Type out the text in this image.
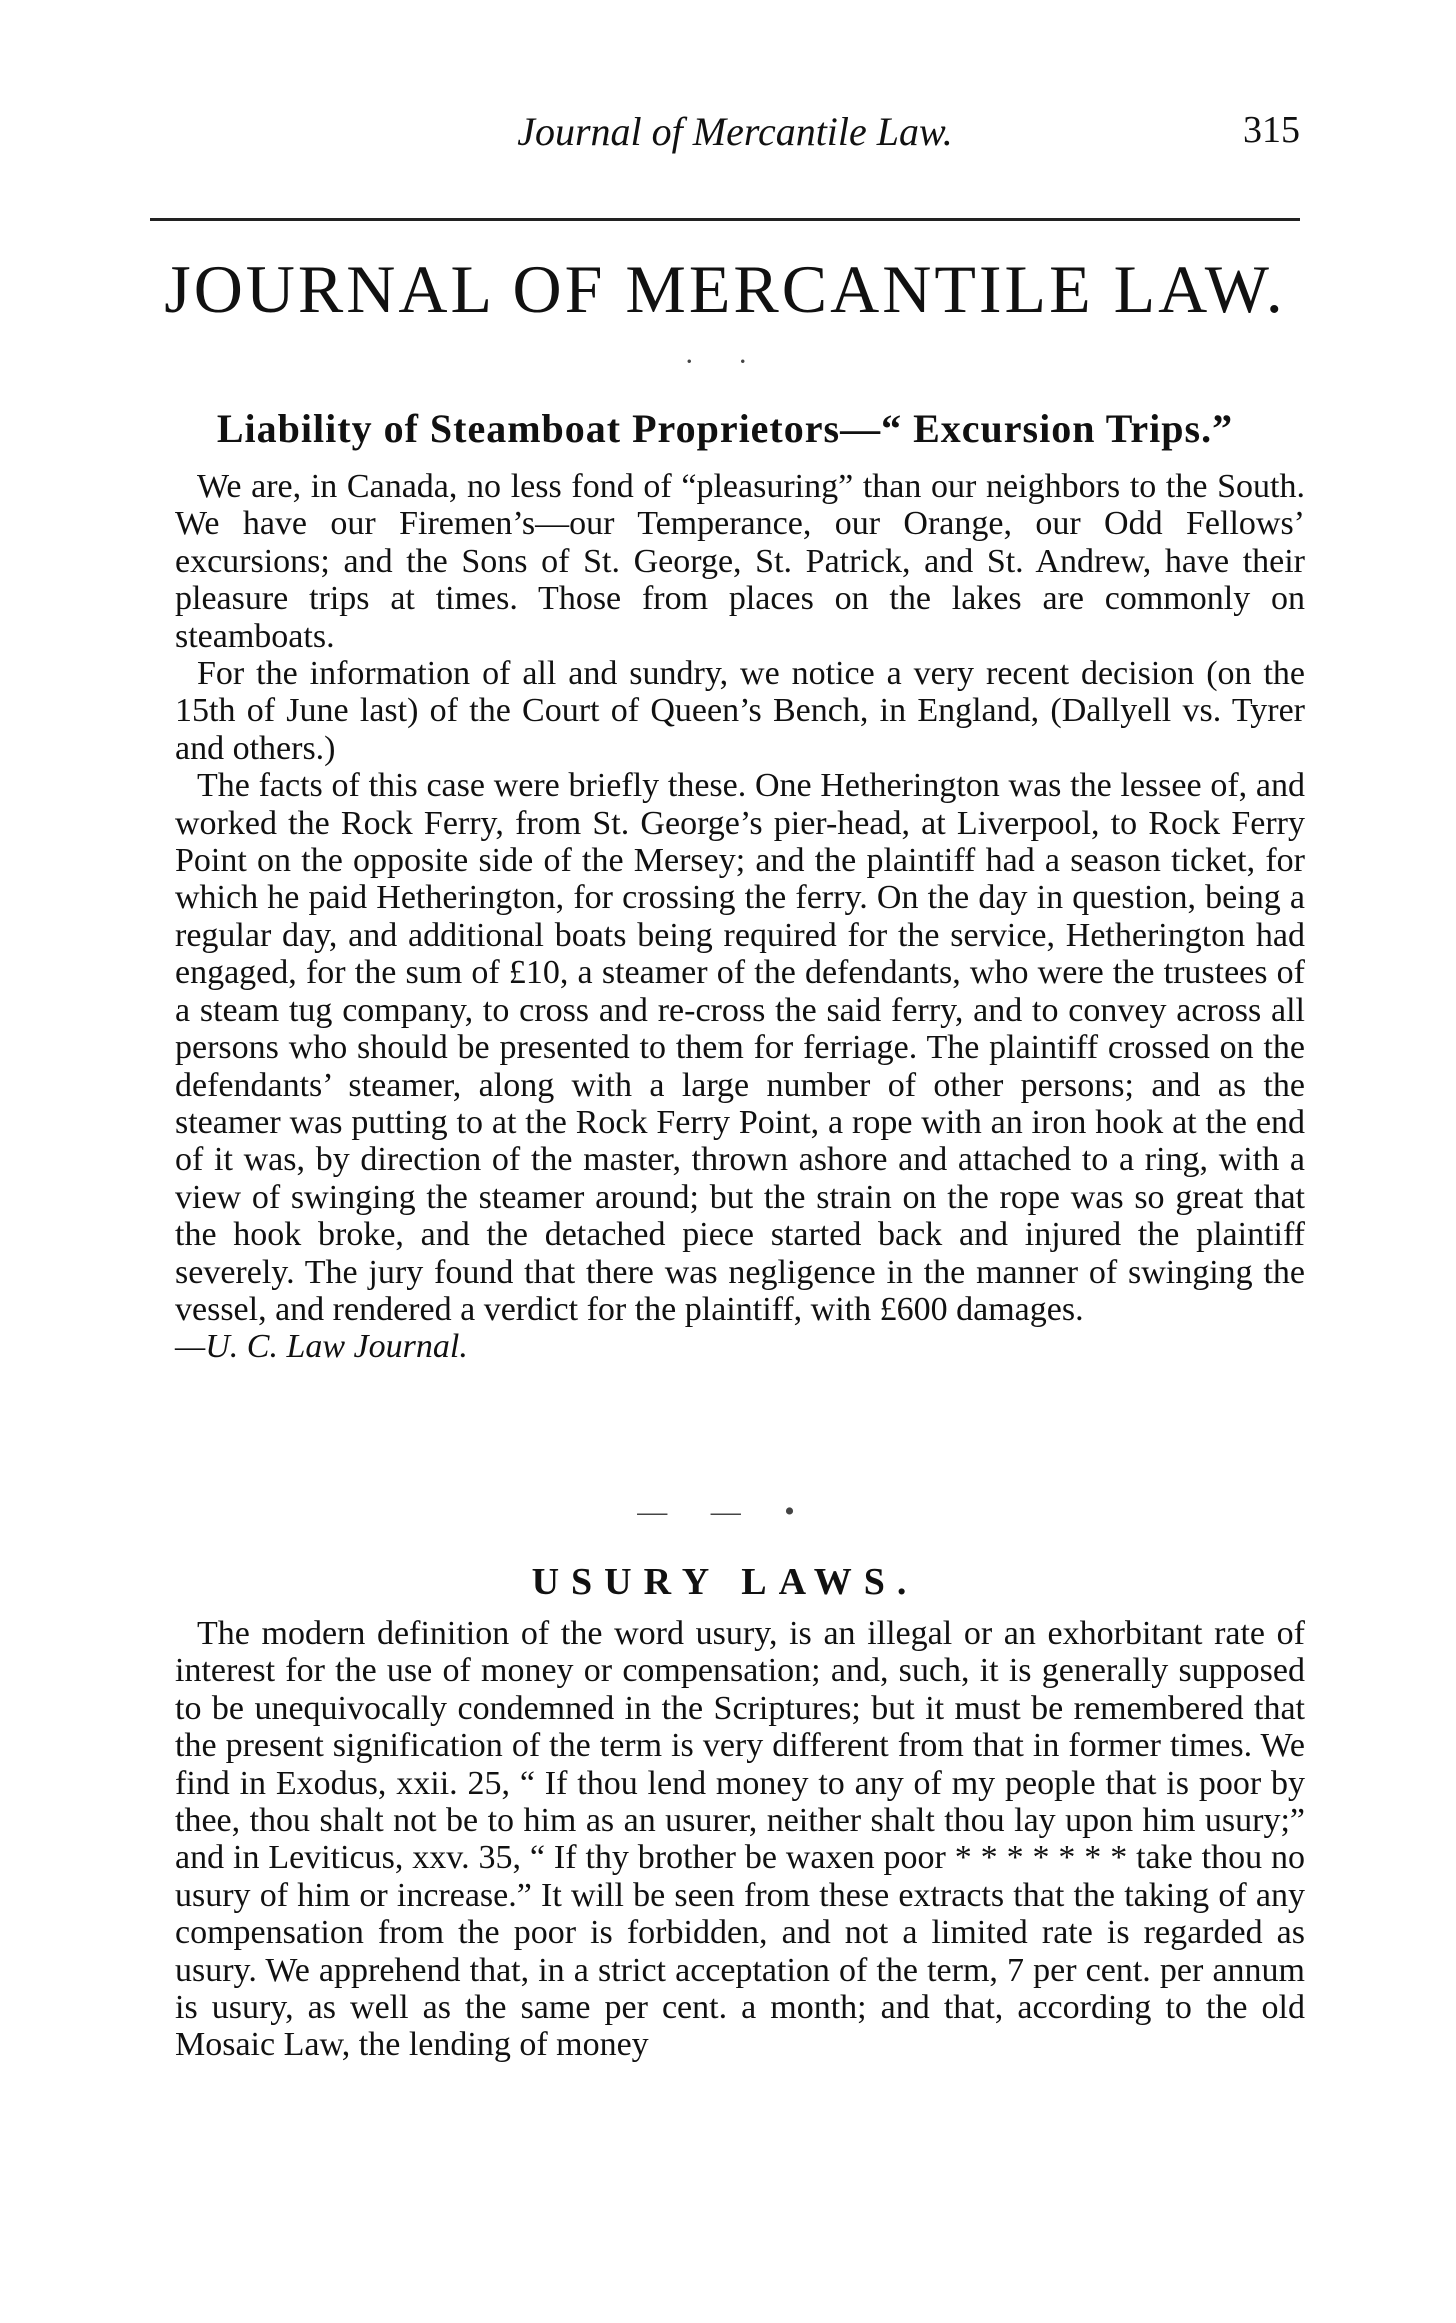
Journal of Mercantile Law.	315
JOURNAL OF MERCANTILE LAW.
· ·
Liability of Steamboat Proprietors—“ Excursion Trips.”

We are, in Canada, no less fond of “pleasuring” than our neighbors to the South. We have our Firemen’s—our Temperance, our Orange, our Odd Fellows’ excursions; and the Sons of St. George, St. Patrick, and St. Andrew, have their pleasure trips at times. Those from places on the lakes are commonly on steamboats.

For the information of all and sundry, we notice a very recent decision (on the 15th of June last) of the Court of Queen’s Bench, in England, (Dallyell vs. Tyrer and others.)

The facts of this case were briefly these. One Hetherington was the lessee of, and worked the Rock Ferry, from St. George’s pier-head, at Liverpool, to Rock Ferry Point on the opposite side of the Mersey; and the plaintiff had a season ticket, for which he paid Hetherington, for crossing the ferry. On the day in question, being a regular day, and additional boats being required for the service, Hetherington had engaged, for the sum of £10, a steamer of the defendants, who were the trustees of a steam tug company, to cross and re-cross the said ferry, and to convey across all persons who should be presented to them for ferriage. The plaintiff crossed on the defendants’ steamer, along with a large number of other persons; and as the steamer was putting to at the Rock Ferry Point, a rope with an iron hook at the end of it was, by direction of the master, thrown ashore and attached to a ring, with a view of swinging the steamer around; but the strain on the rope was so great that the hook broke, and the detached piece started back and injured the plaintiff severely. The jury found that there was negligence in the manner of swinging the vessel, and rendered a verdict for the plaintiff, with £600 damages.

—U. C. Law Journal.

— — •
USURY LAWS.

The modern definition of the word usury, is an illegal or an exhorbitant rate of interest for the use of money or compensation; and, such, it is generally supposed to be unequivocally condemned in the Scriptures; but it must be remembered that the present signification of the term is very different from that in former times. We find in Exodus, xxii. 25, “ If thou lend money to any of my people that is poor by thee, thou shalt not be to him as an usurer, neither shalt thou lay upon him usury;” and in Leviticus, xxv. 35, “ If thy brother be waxen poor * * * * * * * take thou no usury of him or increase.” It will be seen from these extracts that the taking of any compensation from the poor is forbidden, and not a limited rate is regarded as usury. We apprehend that, in a strict acceptation of the term, 7 per cent. per annum is usury, as well as the same per cent. a month; and that, according to the old Mosaic Law, the lending of money
